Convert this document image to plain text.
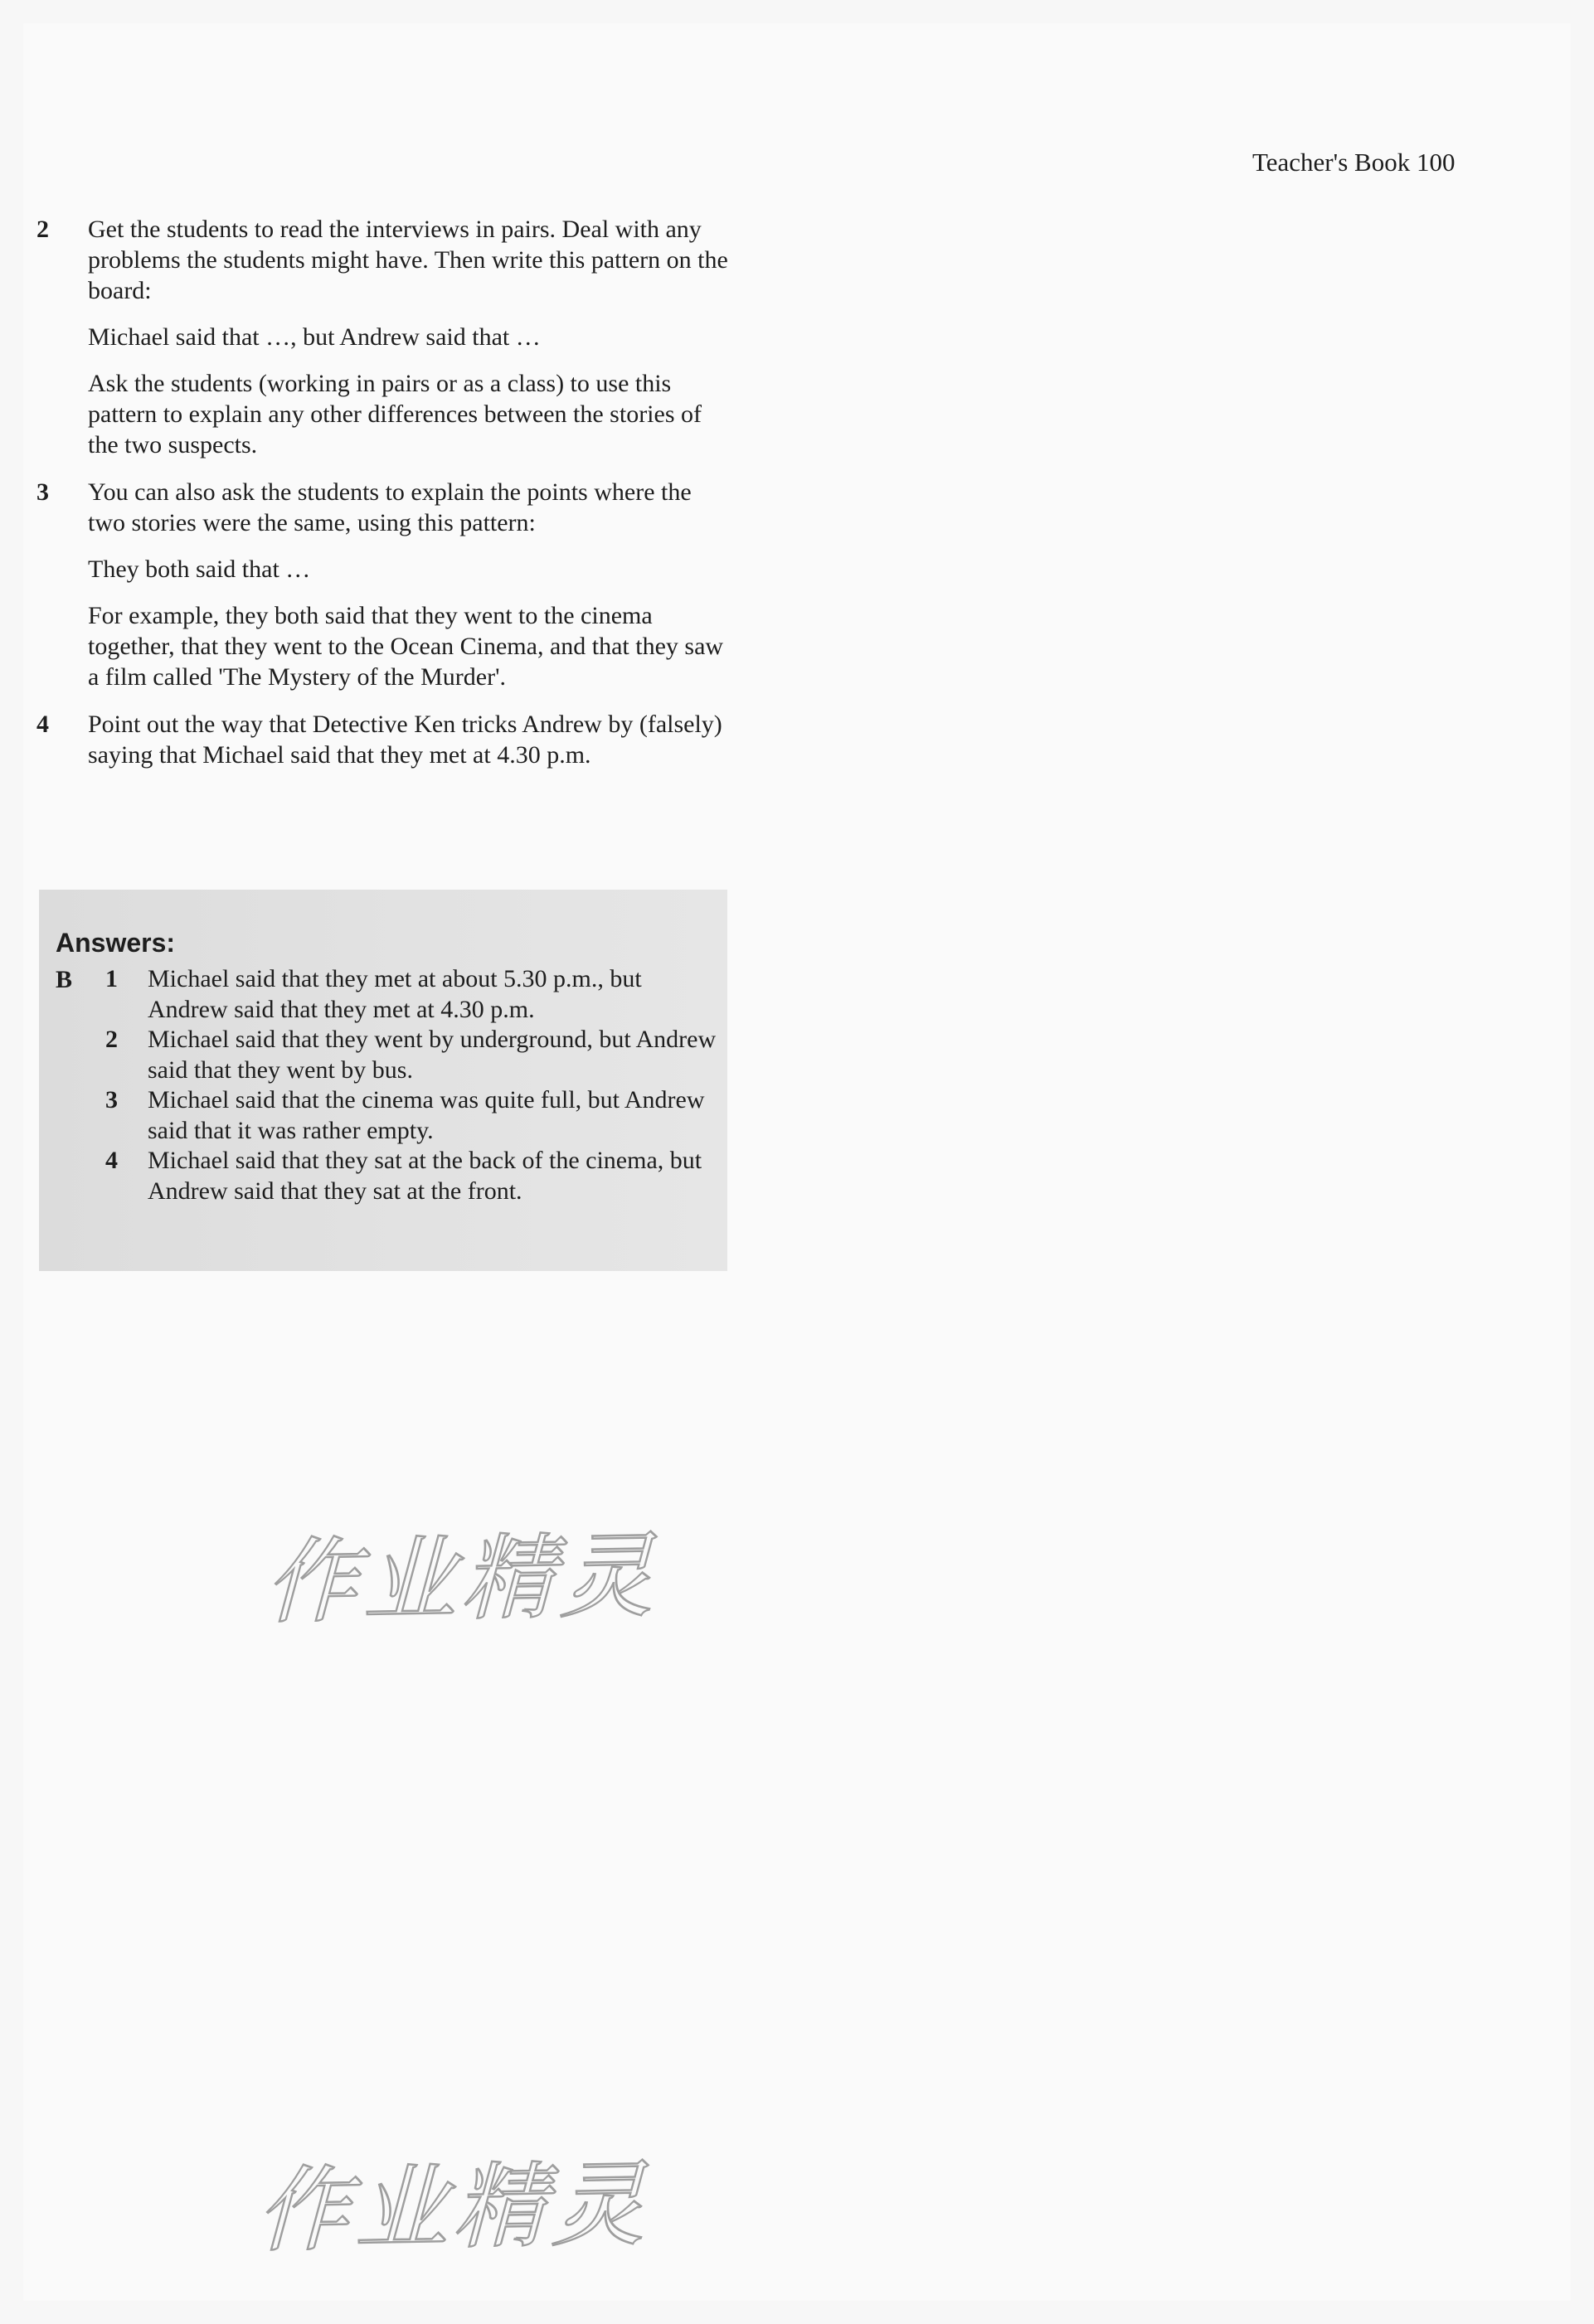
Teacher's Book 100
2 Get the students to read the interviews in pairs. Deal with any problems the students might have. Then write this pattern on the board:

Michael said that …, but Andrew said that …

Ask the students (working in pairs or as a class) to use this pattern to explain any other differences between the stories of the two suspects.

3 You can also ask the students to explain the points where the two stories were the same, using this pattern:

They both said that …

For example, they both said that they went to the cinema together, that they went to the Ocean Cinema, and that they saw a film called 'The Mystery of the Murder'.

4 Point out the way that Detective Ken tricks Andrew by (falsely) saying that Michael said that they met at 4.30 p.m.

Answers:
B 1 Michael said that they met at about 5.30 p.m., but Andrew said that they met at 4.30 p.m.
2 Michael said that they went by underground, but Andrew said that they went by bus.
3 Michael said that the cinema was quite full, but Andrew said that it was rather empty.
4 Michael said that they sat at the back of the cinema, but Andrew said that they sat at the front.
作业精灵
作业精灵
